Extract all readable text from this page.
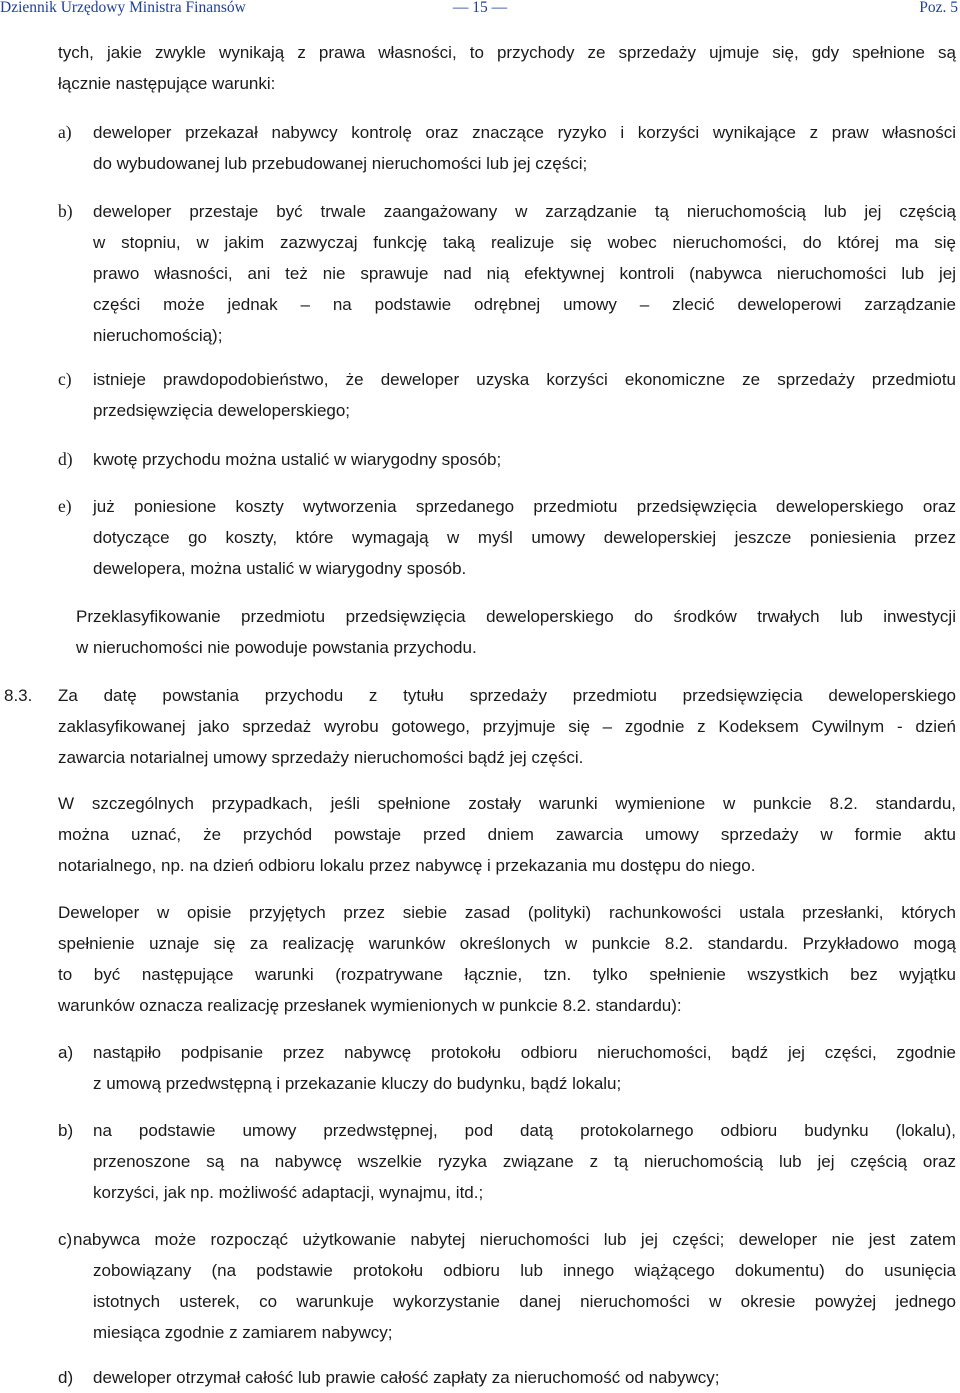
Dziennik Urzędowy Ministra Finansów	— 15 —	Poz. 5
tych, jakie zwykle wynikają z prawa własności, to przychody ze sprzedaży ujmuje się, gdy spełnione są
łącznie następujące warunki:
a) deweloper przekazał nabywcy kontrolę oraz znaczące ryzyko i korzyści wynikające z praw własności
do wybudowanej lub przebudowanej nieruchomości lub jej części;
b) deweloper przestaje być trwale zaangażowany w zarządzanie tą nieruchomością lub jej częścią
w stopniu, w jakim zazwyczaj funkcję taką realizuje się wobec nieruchomości, do której ma się
prawo własności, ani też nie sprawuje nad nią efektywnej kontroli (nabywca nieruchomości lub jej
części może jednak – na podstawie odrębnej umowy – zlecić deweloperowi zarządzanie
nieruchomością);
c) istnieje prawdopodobieństwo, że deweloper uzyska korzyści ekonomiczne ze sprzedaży przedmiotu
przedsięwzięcia deweloperskiego;
d) kwotę przychodu można ustalić w wiarygodny sposób;
e) już poniesione koszty wytworzenia sprzedanego przedmiotu przedsięwzięcia deweloperskiego oraz
dotyczące go koszty, które wymagają w myśl umowy deweloperskiej jeszcze poniesienia przez
dewelopera, można ustalić w wiarygodny sposób.
Przeklasyfikowanie przedmiotu przedsięwzięcia deweloperskiego do środków trwałych lub inwestycji
w nieruchomości nie powoduje powstania przychodu.
8.3. Za datę powstania przychodu z tytułu sprzedaży przedmiotu przedsięwzięcia deweloperskiego
zaklasyfikowanej jako sprzedaż wyrobu gotowego, przyjmuje się – zgodnie z Kodeksem Cywilnym - dzień
zawarcia notarialnej umowy sprzedaży nieruchomości bądź jej części.
W szczególnych przypadkach, jeśli spełnione zostały warunki wymienione w punkcie 8.2. standardu,
można uznać, że przychód powstaje przed dniem zawarcia umowy sprzedaży w formie aktu
notarialnego, np. na dzień odbioru lokalu przez nabywcę i przekazania mu dostępu do niego.
Deweloper w opisie przyjętych przez siebie zasad (polityki) rachunkowości ustala przesłanki, których
spełnienie uznaje się za realizację warunków określonych w punkcie 8.2. standardu. Przykładowo mogą
to być następujące warunki (rozpatrywane łącznie, tzn. tylko spełnienie wszystkich bez wyjątku
warunków oznacza realizację przesłanek wymienionych w punkcie 8.2. standardu):
a) nastąpiło podpisanie przez nabywcę protokołu odbioru nieruchomości, bądź jej części, zgodnie
z umową przedwstępną i przekazanie kluczy do budynku, bądź lokalu;
b) na podstawie umowy przedwstępnej, pod datą protokolarnego odbioru budynku (lokalu),
przenoszone są na nabywcę wszelkie ryzyka związane z tą nieruchomością lub jej częścią oraz
korzyści, jak np. możliwość adaptacji, wynajmu, itd.;
c) nabywca może rozpocząć użytkowanie nabytej nieruchomości lub jej części; deweloper nie jest zatem
zobowiązany (na podstawie protokołu odbioru lub innego wiążącego dokumentu) do usunięcia
istotnych usterek, co warunkuje wykorzystanie danej nieruchomości w okresie powyżej jednego
miesiąca zgodnie z zamiarem nabywcy;
d) deweloper otrzymał całość lub prawie całość zapłaty za nieruchomość od nabywcy;
